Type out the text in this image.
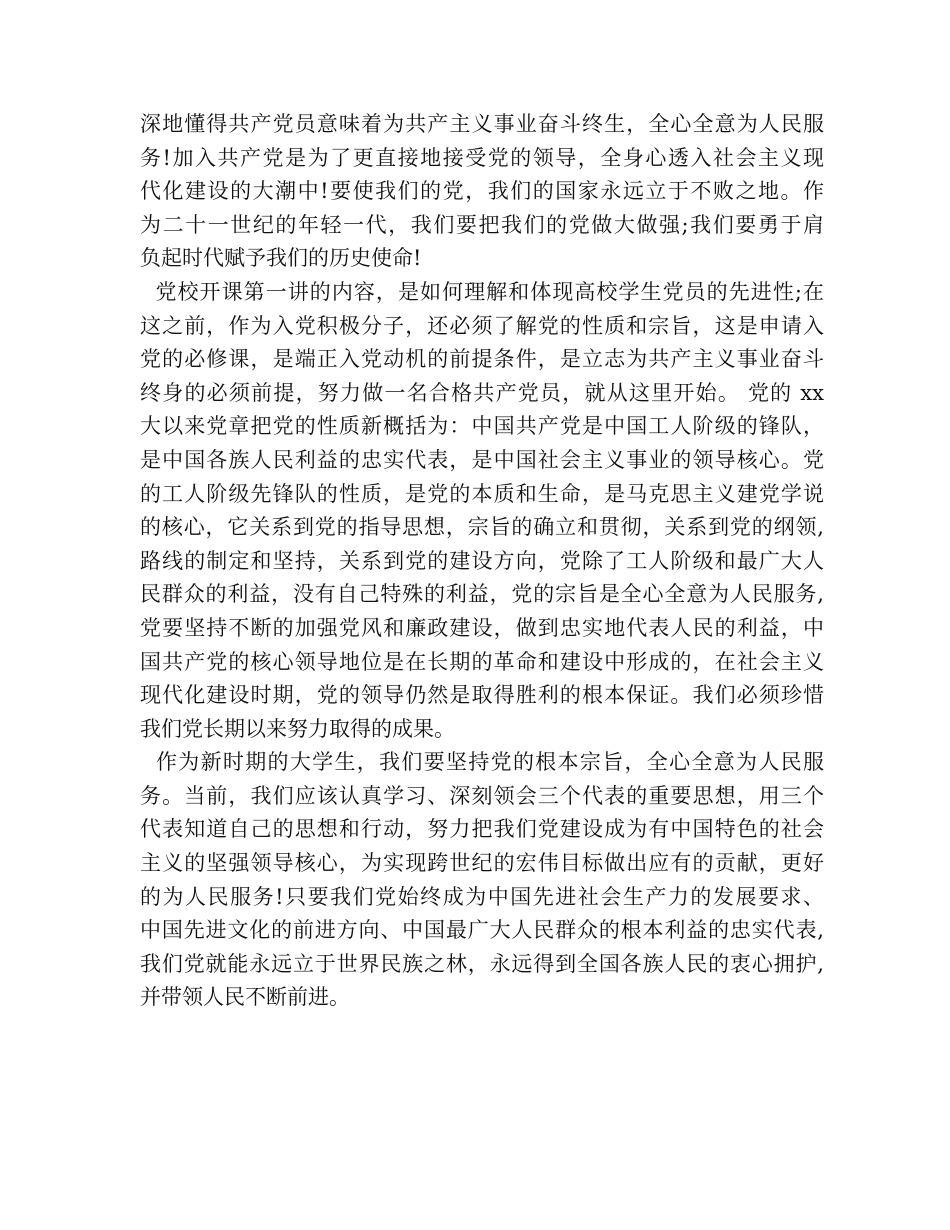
深地懂得共产党员意味着为共产主义事业奋斗终生，全心全意为人民服
务!加入共产党是为了更直接地接受党的领导，全身心透入社会主义现
代化建设的大潮中!要使我们的党，我们的国家永远立于不败之地。作
为二十一世纪的年轻一代，我们要把我们的党做大做强;我们要勇于肩
负起时代赋予我们的历史使命!
党校开课第一讲的内容，是如何理解和体现高校学生党员的先进性;在
这之前，作为入党积极分子，还必须了解党的性质和宗旨，这是申请入
党的必修课，是端正入党动机的前提条件，是立志为共产主义事业奋斗
终身的必须前提，努力做一名合格共产党员，就从这里开始。 党的 xx
大以来党章把党的性质新概括为：中国共产党是中国工人阶级的锋队，
是中国各族人民利益的忠实代表，是中国社会主义事业的领导核心。党
的工人阶级先锋队的性质，是党的本质和生命，是马克思主义建党学说
的核心，它关系到党的指导思想，宗旨的确立和贯彻，关系到党的纲领,
路线的制定和坚持，关系到党的建设方向，党除了工人阶级和最广大人
民群众的利益，没有自己特殊的利益，党的宗旨是全心全意为人民服务,
党要坚持不断的加强党风和廉政建设，做到忠实地代表人民的利益，中
国共产党的核心领导地位是在长期的革命和建设中形成的，在社会主义
现代化建设时期，党的领导仍然是取得胜利的根本保证。我们必须珍惜
我们党长期以来努力取得的成果。
作为新时期的大学生，我们要坚持党的根本宗旨，全心全意为人民服
务。当前，我们应该认真学习、深刻领会三个代表的重要思想，用三个
代表知道自己的思想和行动，努力把我们党建设成为有中国特色的社会
主义的坚强领导核心，为实现跨世纪的宏伟目标做出应有的贡献，更好
的为人民服务!只要我们党始终成为中国先进社会生产力的发展要求、
中国先进文化的前进方向、中国最广大人民群众的根本利益的忠实代表,
我们党就能永远立于世界民族之林，永远得到全国各族人民的衷心拥护,
并带领人民不断前进。
